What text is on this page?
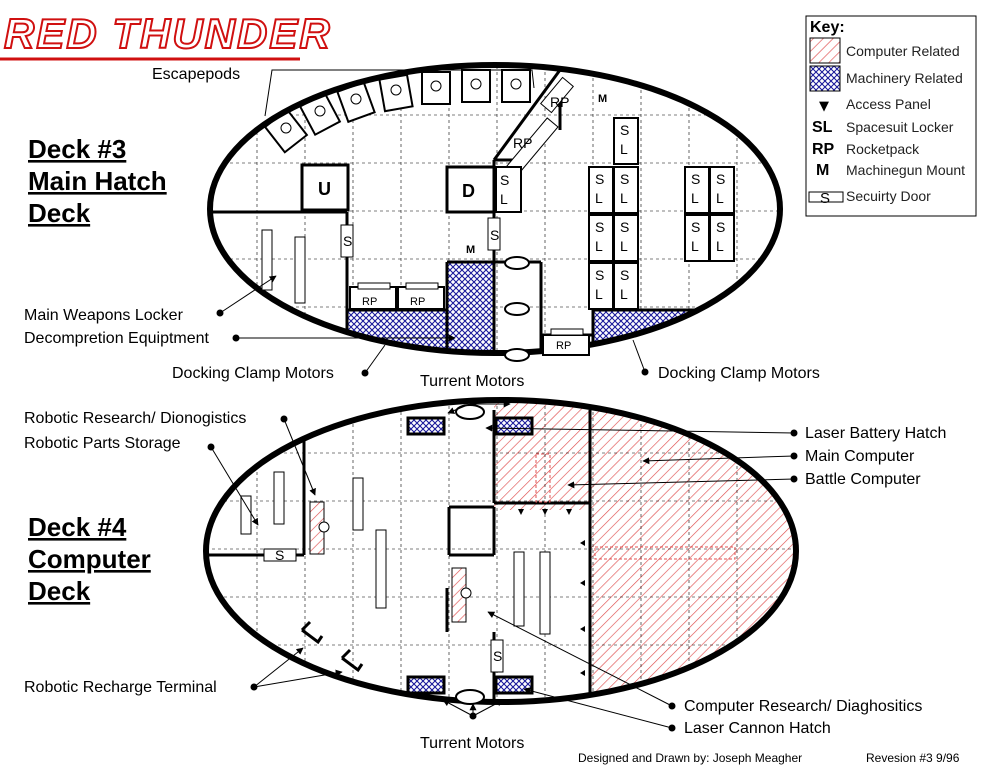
RED THUNDER	Key:
Computer Related
Machinery Related
▼ Access Panel
SL Spacesuit Locker
RP Rocketpack
M Machinegun Mount
S Secuirty Door
U	D
RP	M
RP
S
L
S
L
S
L
S
L
S
L
S
L
S
L
S
L
S
L
S
L
S
L
S
L
S	S
M
RP	RP
RP
Deck #3
Main Hatch
Deck
Escapepods
Main Weapons Locker
Decompretion Equiptment
Docking Clamp Motors	Docking Clamp Motors
Turrent Motors
S
S
Deck #4
Computer
Deck
Robotic Research/ Dionogistics
Robotic Parts Storage
Robotic Recharge Terminal
Laser Battery Hatch
Main Computer
Battle Computer
Computer Research/ Diaghositics
Laser Cannon Hatch
Turrent Motors
Designed and Drawn by: Joseph Meagher	Revesion #3 9/96
